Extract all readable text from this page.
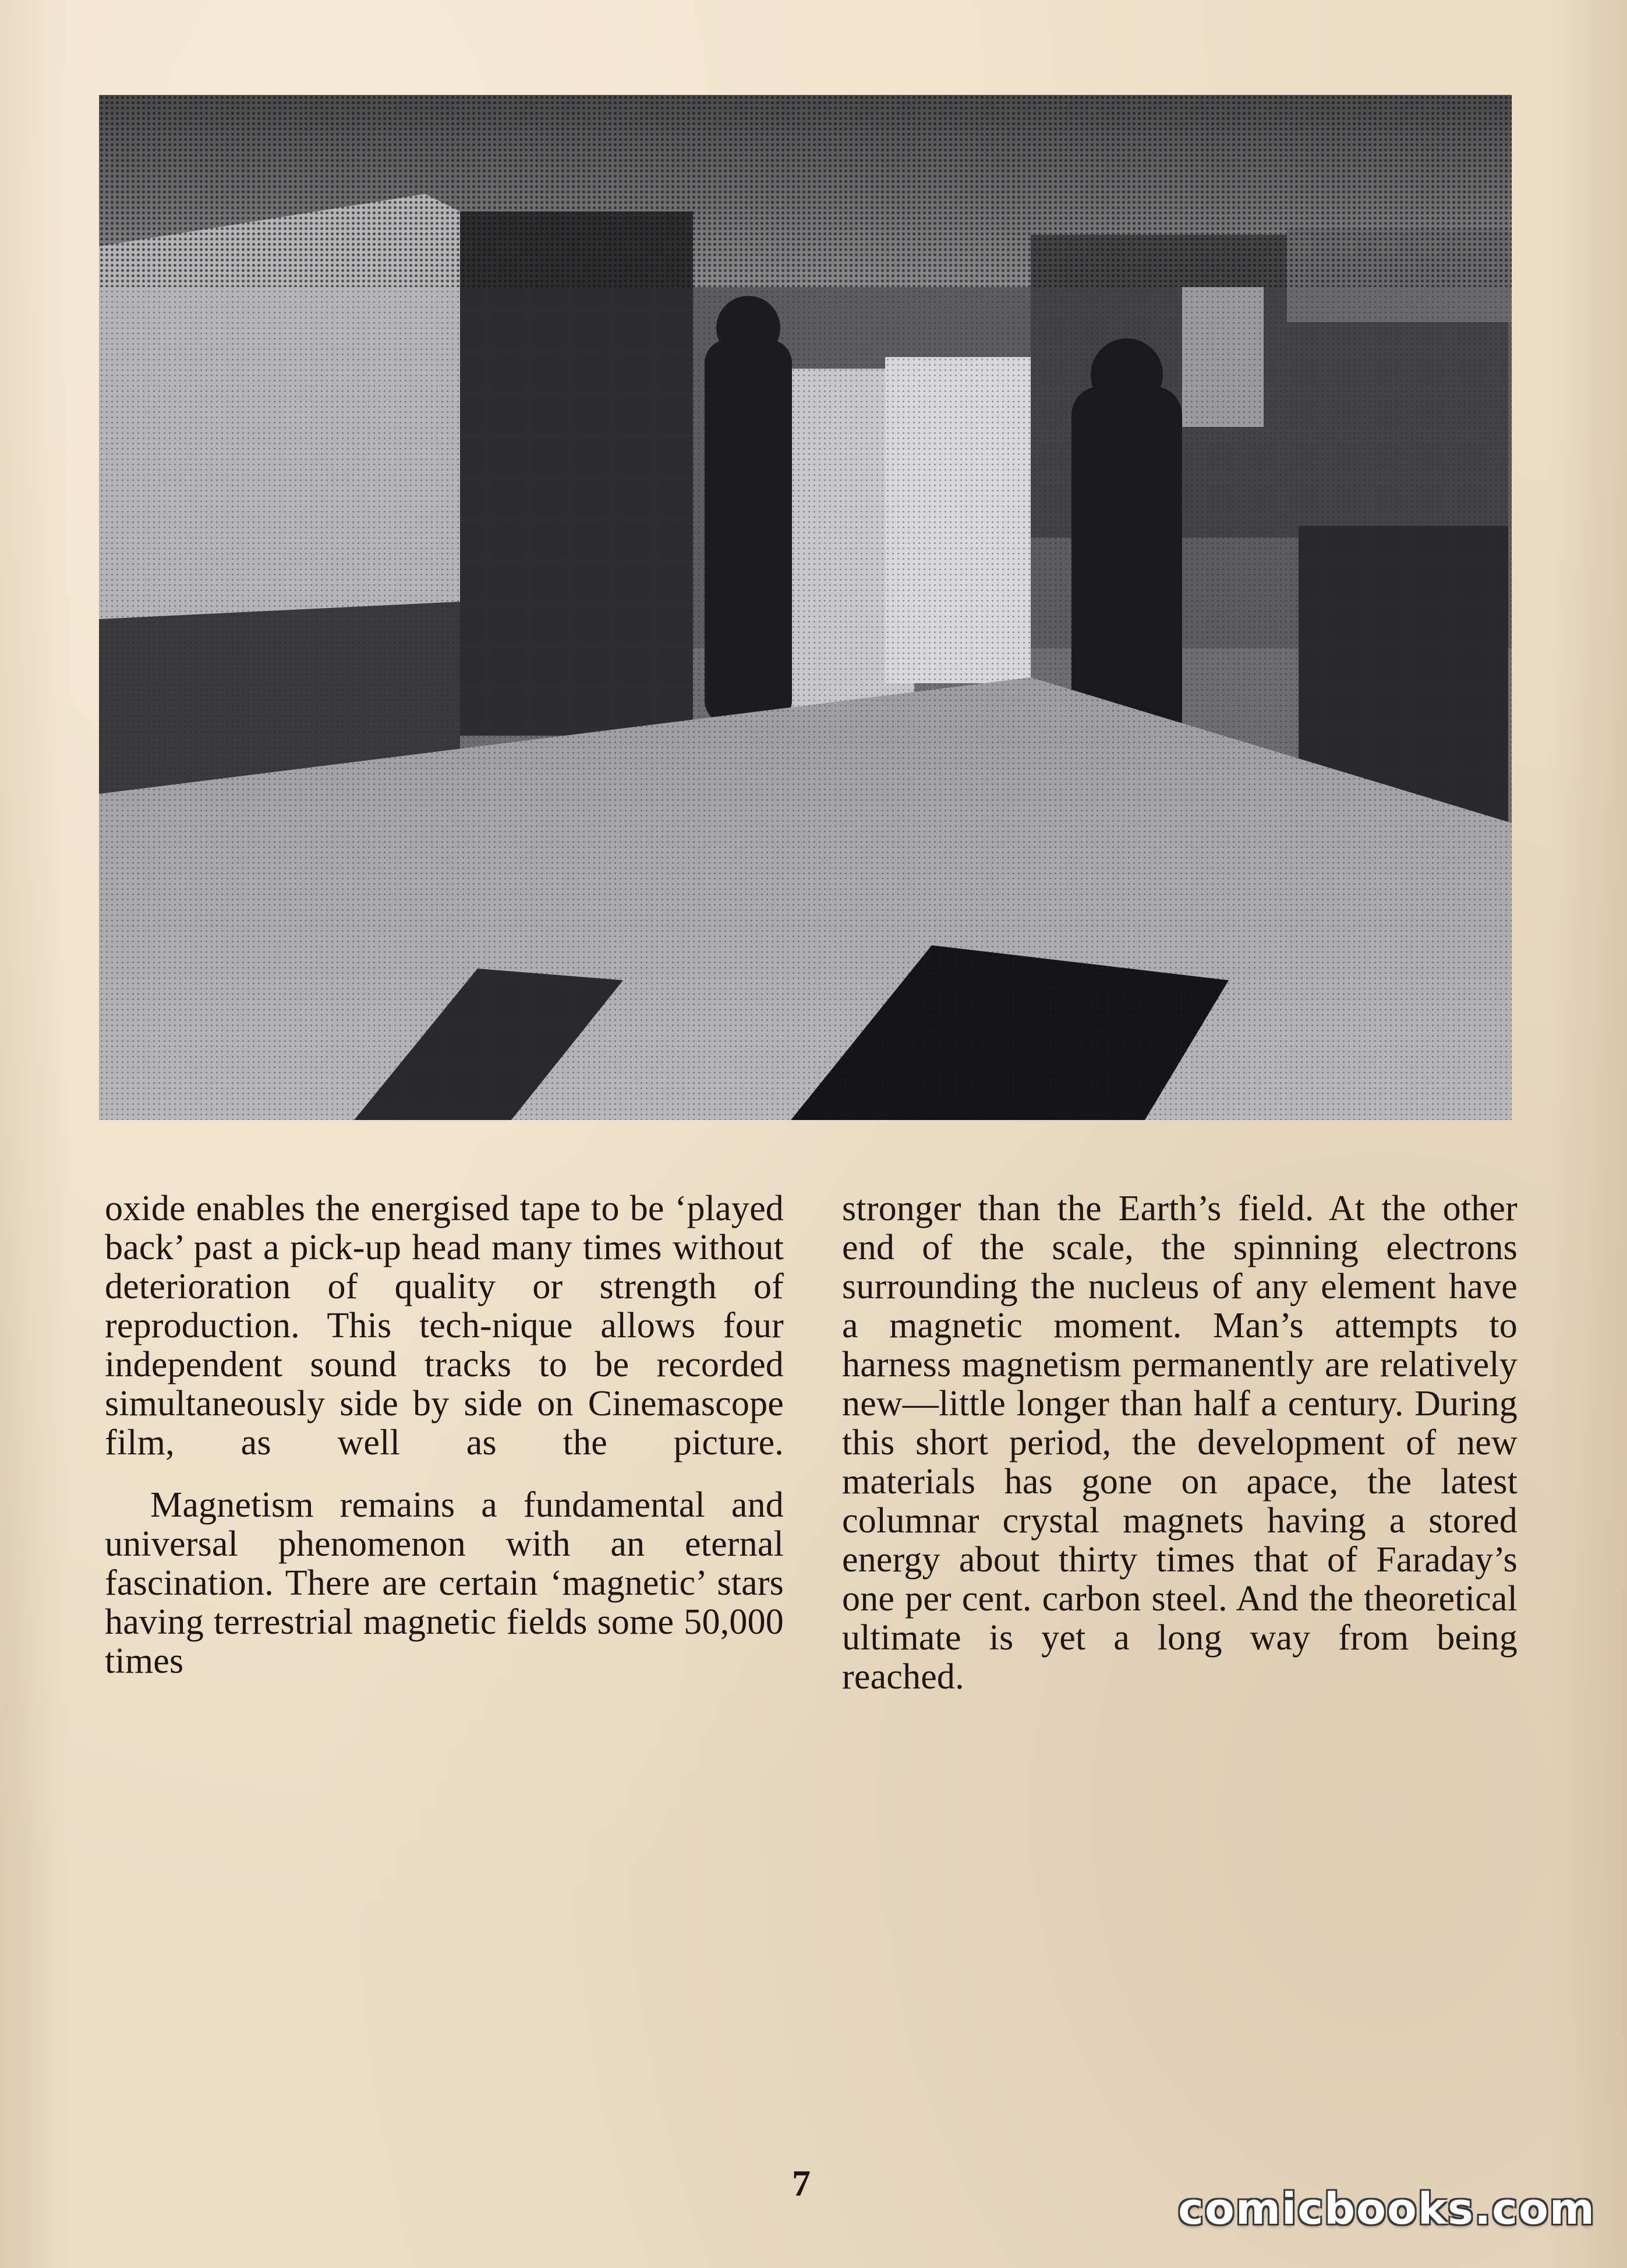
oxide enables the energised tape to be ‘played back’ past a pick-up head many times without deterioration of quality or strength of reproduction. This tech-nique allows four independent sound tracks to be recorded simultaneously side by side on Cinemascope film, as well as the picture.

Magnetism remains a fundamental and universal phenomenon with an eternal fascination. There are certain ‘magnetic’ stars having terrestrial magnetic fields some 50,000 times

stronger than the Earth’s field. At the other end of the scale, the spinning electrons surrounding the nucleus of any element have a magnetic moment. Man’s attempts to harness magnetism permanently are relatively new—little longer than half a century. During this short period, the development of new materials has gone on apace, the latest columnar crystal magnets having a stored energy about thirty times that of Faraday’s one per cent. carbon steel. And the theoretical ultimate is yet a long way from being reached.

7
comicbooks.com
